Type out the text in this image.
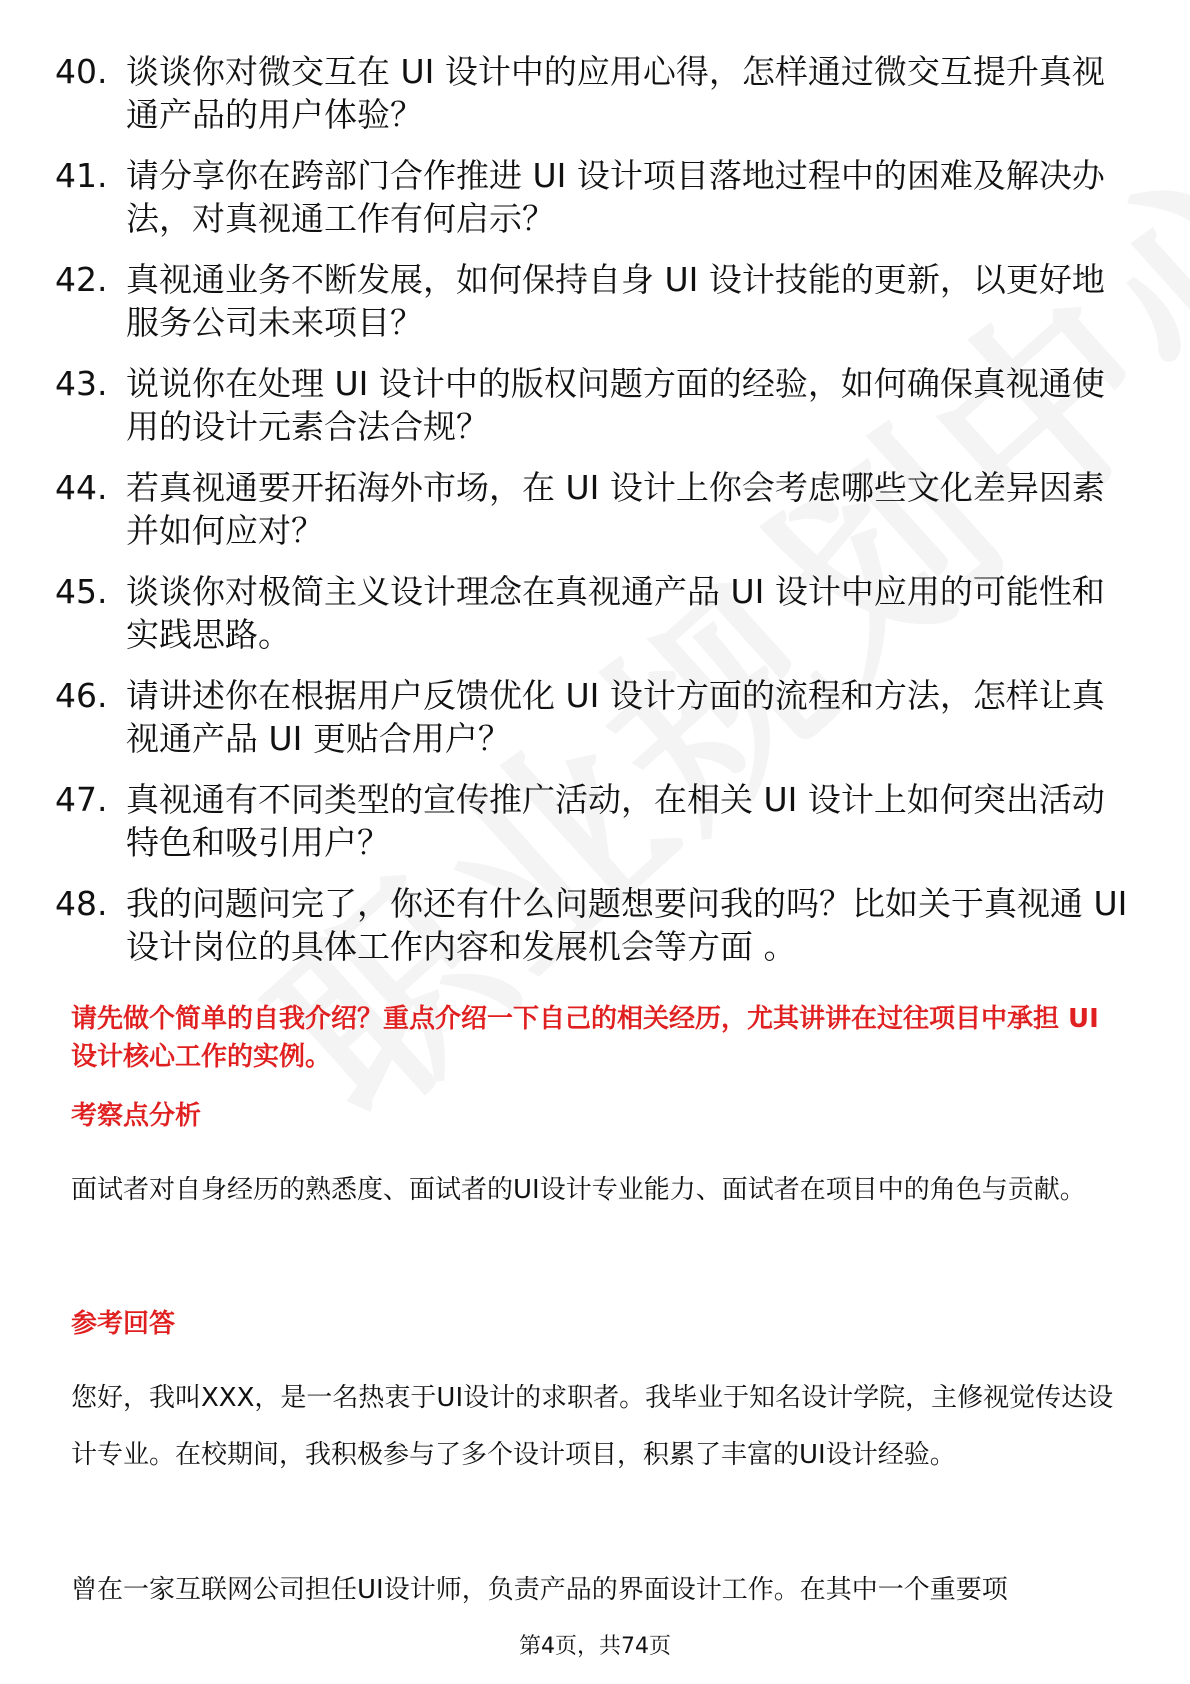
40. 谈谈你对微交互在 UI 设计中的应用心得，怎样通过微交互提升真视通产品的用户体验？
41. 请分享你在跨部门合作推进 UI 设计项目落地过程中的困难及解决办法，对真视通工作有何启示？
42. 真视通业务不断发展，如何保持自身 UI 设计技能的更新，以更好地服务公司未来项目？
43. 说说你在处理 UI 设计中的版权问题方面的经验，如何确保真视通使用的设计元素合法合规？
44. 若真视通要开拓海外市场，在 UI 设计上你会考虑哪些文化差异因素并如何应对？
45. 谈谈你对极简主义设计理念在真视通产品 UI 设计中应用的可能性和实践思路。
46. 请讲述你在根据用户反馈优化 UI 设计方面的流程和方法，怎样让真视通产品 UI 更贴合用户？
47. 真视通有不同类型的宣传推广活动，在相关 UI 设计上如何突出活动特色和吸引用户？
48. 我的问题问完了，你还有什么问题想要问我的吗？比如关于真视通 UI 设计岗位的具体工作内容和发展机会等方面 。

请先做个简单的自我介绍？重点介绍一下自己的相关经历，尤其讲讲在过往项目中承担 UI 设计核心工作的实例。

考察点分析

面试者对自身经历的熟悉度、面试者的UI设计专业能力、面试者在项目中的角色与贡献。

参考回答

您好，我叫XXX，是一名热衷于UI设计的求职者。我毕业于知名设计学院，主修视觉传达设计专业。在校期间，我积极参与了多个设计项目，积累了丰富的UI设计经验。

曾在一家互联网公司担任UI设计师，负责产品的界面设计工作。在其中一个重要项

第4页，共74页
